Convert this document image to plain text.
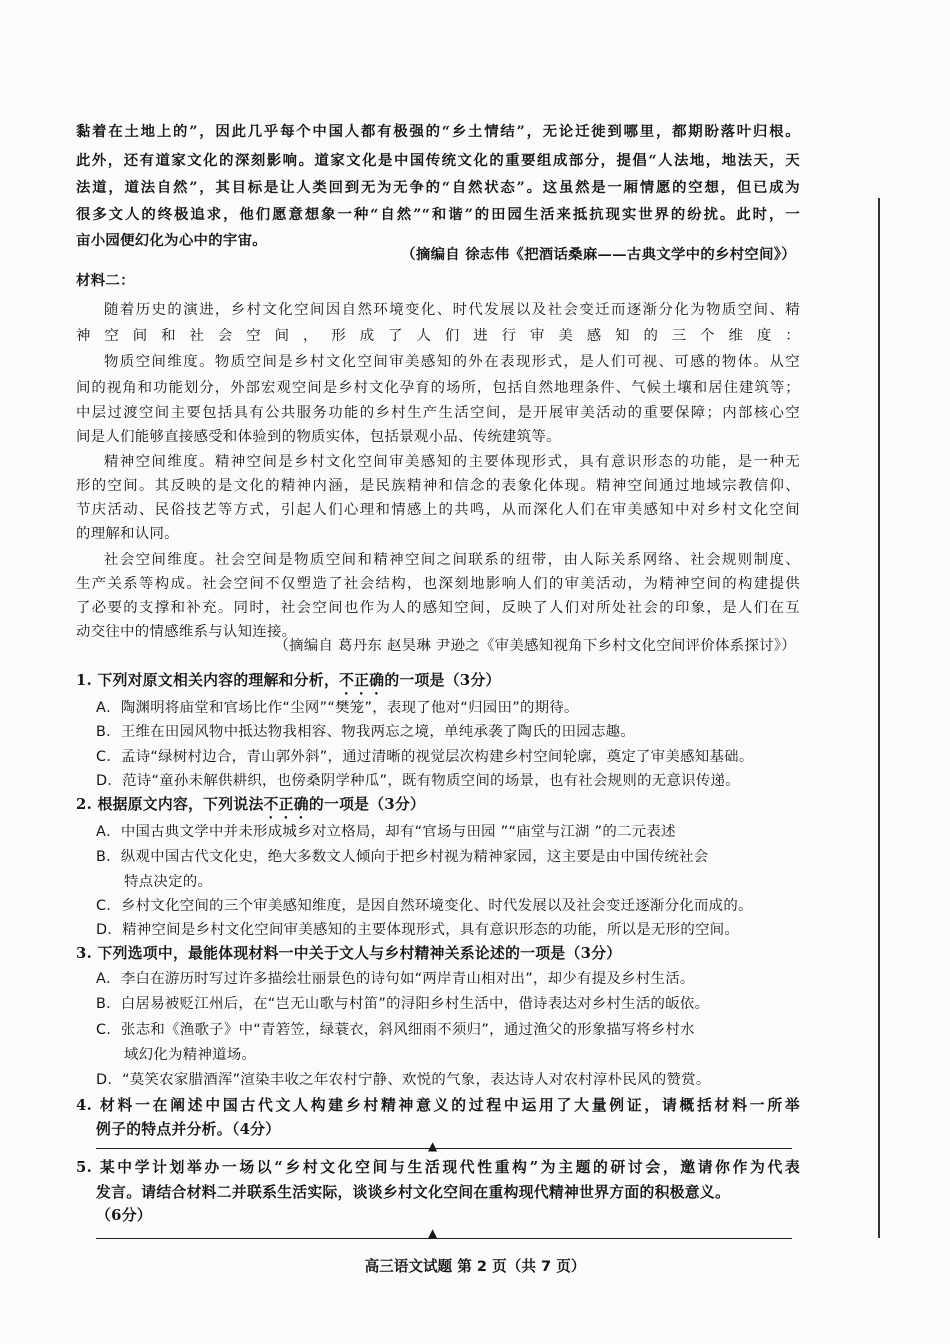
黏着在土地上的”，因此几乎每个中国人都有极强的“乡土情结”，无论迁徙到哪里，都期盼落叶归根。
此外，还有道家文化的深刻影响。道家文化是中国传统文化的重要组成部分，提倡“人法地，地法天，天
法道，道法自然”，其目标是让人类回到无为无争的“自然状态”。这虽然是一厢情愿的空想，但已成为
很多文人的终极追求，他们愿意想象一种“自然”“和谐”的田园生活来抵抗现实世界的纷扰。此时，一
亩小园便幻化为心中的宇宙。
（摘编自 徐志伟《把酒话桑麻——古典文学中的乡村空间》）
材料二：
随着历史的演进，乡村文化空间因自然环境变化、时代发展以及社会变迁而逐渐分化为物质空间、精
神空间和社会空间，形成了人们进行审美感知的三个维度：
物质空间维度。物质空间是乡村文化空间审美感知的外在表现形式，是人们可视、可感的物体。从空
间的视角和功能划分，外部宏观空间是乡村文化孕育的场所，包括自然地理条件、气候土壤和居住建筑等；
中层过渡空间主要包括具有公共服务功能的乡村生产生活空间，是开展审美活动的重要保障；内部核心空
间是人们能够直接感受和体验到的物质实体，包括景观小品、传统建筑等。
精神空间维度。精神空间是乡村文化空间审美感知的主要体现形式，具有意识形态的功能，是一种无
形的空间。其反映的是文化的精神内涵，是民族精神和信念的表象化体现。精神空间通过地域宗教信仰、
节庆活动、民俗技艺等方式，引起人们心理和情感上的共鸣，从而深化人们在审美感知中对乡村文化空间
的理解和认同。
社会空间维度。社会空间是物质空间和精神空间之间联系的纽带，由人际关系网络、社会规则制度、
生产关系等构成。社会空间不仅塑造了社会结构，也深刻地影响人们的审美活动，为精神空间的构建提供
了必要的支撑和补充。同时，社会空间也作为人的感知空间，反映了人们对所处社会的印象，是人们在互
动交往中的情感维系与认知连接。
（摘编自 葛丹东 赵昊琳 尹逊之《审美感知视角下乡村文化空间评价体系探讨》）
1. 下列对原文相关内容的理解和分析，不正确的一项是（3分）
A．陶渊明将庙堂和官场比作“尘网”“樊笼”，表现了他对“归园田”的期待。
B．王维在田园风物中抵达物我相容、物我两忘之境，单纯承袭了陶氏的田园志趣。
C．孟诗“绿树村边合，青山郭外斜”，通过清晰的视觉层次构建乡村空间轮廓，奠定了审美感知基础。
D．范诗“童孙未解供耕织，也傍桑阴学种瓜”，既有物质空间的场景，也有社会规则的无意识传递。
2. 根据原文内容，下列说法不正确的一项是（3分）
A．中国古典文学中并未形成城乡对立格局，却有“官场与田园 ”“庙堂与江湖 ”的二元表述
B．纵观中国古代文化史，绝大多数文人倾向于把乡村视为精神家园，这主要是由中国传统社会
特点决定的。
C．乡村文化空间的三个审美感知维度，是因自然环境变化、时代发展以及社会变迁逐渐分化而成的。
D．精神空间是乡村文化空间审美感知的主要体现形式，具有意识形态的功能，所以是无形的空间。
3. 下列选项中，最能体现材料一中关于文人与乡村精神关系论述的一项是（3分）
A．李白在游历时写过许多描绘壮丽景色的诗句如“两岸青山相对出”，却少有提及乡村生活。
B．白居易被贬江州后，在“岂无山歌与村笛”的浔阳乡村生活中，借诗表达对乡村生活的皈依。
C．张志和《渔歌子》中“青箬笠，绿蓑衣，斜风细雨不须归”，通过渔父的形象描写将乡村水
域幻化为精神道场。
D．“莫笑农家腊酒浑”渲染丰收之年农村宁静、欢悦的气象，表达诗人对农村淳朴民风的赞赏。
4. 材料一在阐述中国古代文人构建乡村精神意义的过程中运用了大量例证，请概括材料一所举
例子的特点并分析。（4分）
▲
5. 某中学计划举办一场以“乡村文化空间与生活现代性重构”为主题的研讨会，邀请你作为代表
发言。请结合材料二并联系生活实际，谈谈乡村文化空间在重构现代精神世界方面的积极意义。
（6分）
▲
高三语文试题 第 2 页（共 7 页）
